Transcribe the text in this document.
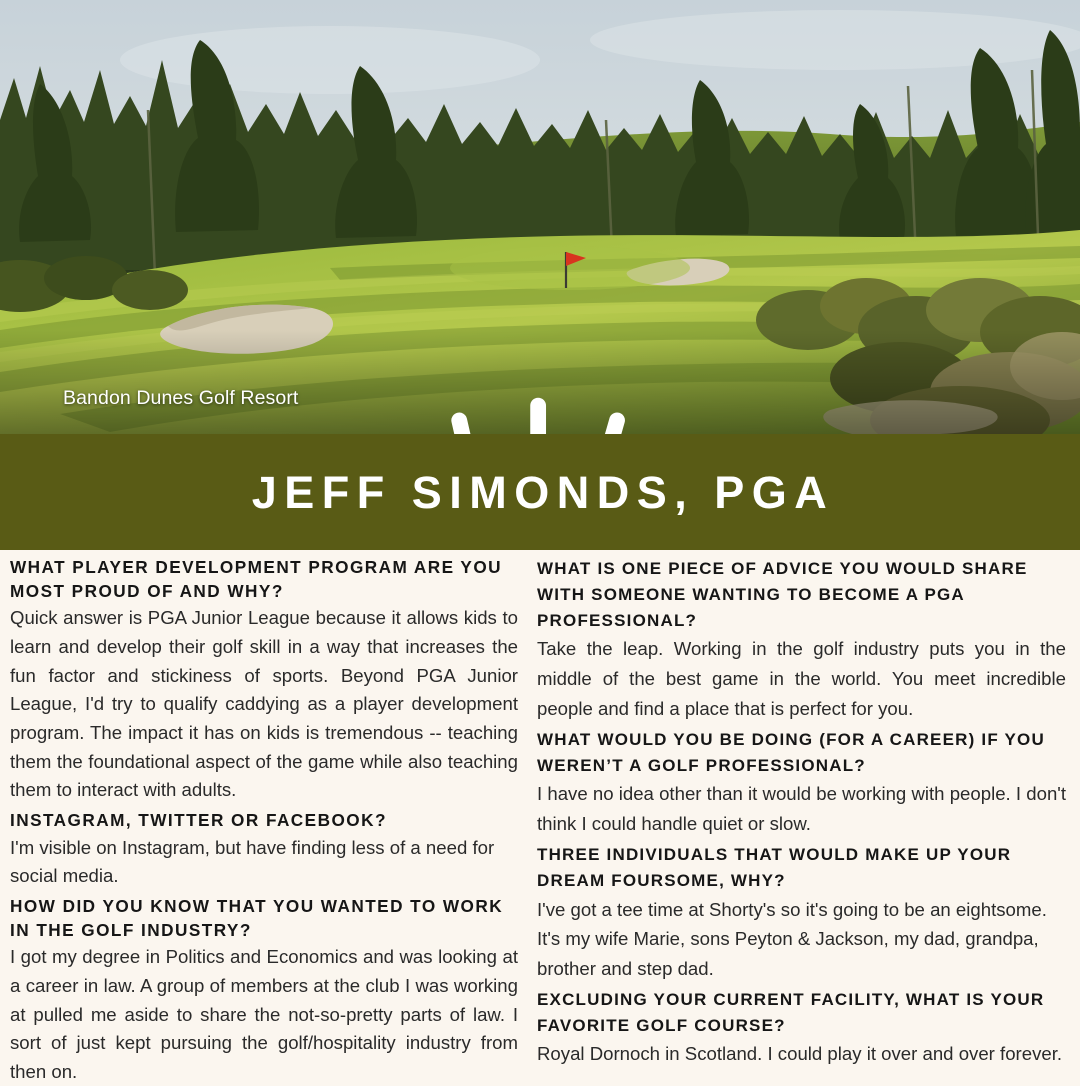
Bandon Dunes Golf Resort
JEFF SIMONDS, PGA
WHAT PLAYER DEVELOPMENT PROGRAM ARE YOU MOST PROUD OF AND WHY?

Quick answer is PGA Junior League because it allows kids to learn and develop their golf skill in a way that increases the fun factor and stickiness of sports. Beyond PGA Junior League, I'd try to qualify caddying as a player development program. The impact it has on kids is tremendous -- teaching them the foundational aspect of the game while also teaching them to interact with adults.

INSTAGRAM, TWITTER OR FACEBOOK?

I'm visible on Instagram, but have finding less of a need for social media.

HOW DID YOU KNOW THAT YOU WANTED TO WORK IN THE GOLF INDUSTRY?

I got my degree in Politics and Economics and was looking at a career in law. A group of members at the club I was working at pulled me aside to share the not-so-pretty parts of law. I sort of just kept pursuing the golf/hospitality industry from then on.

WHAT IS ONE PIECE OF ADVICE YOU WOULD SHARE WITH SOMEONE WANTING TO BECOME A PGA PROFESSIONAL?

Take the leap. Working in the golf industry puts you in the middle of the best game in the world. You meet incredible people and find a place that is perfect for you.

WHAT WOULD YOU BE DOING (FOR A CAREER) IF YOU WEREN’T A GOLF PROFESSIONAL?

I have no idea other than it would be working with people. I don't think I could handle quiet or slow.

THREE INDIVIDUALS THAT WOULD MAKE UP YOUR DREAM FOURSOME, WHY?

I've got a tee time at Shorty's so it's going to be an eightsome. It's my wife Marie, sons Peyton & Jackson, my dad, grandpa, brother and step dad.

EXCLUDING YOUR CURRENT FACILITY, WHAT IS YOUR FAVORITE GOLF COURSE?

Royal Dornoch in Scotland. I could play it over and over forever.
